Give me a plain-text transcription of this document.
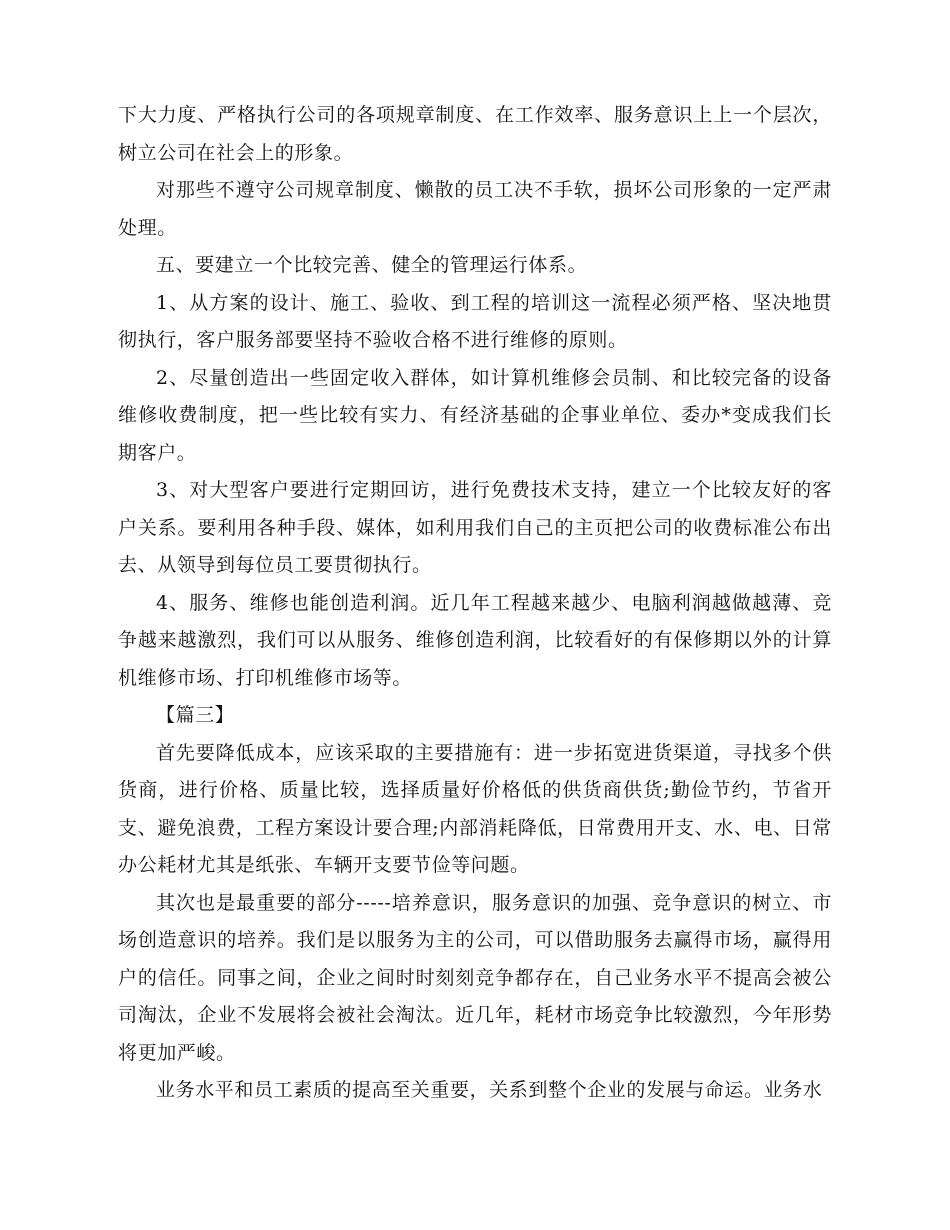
下大力度、严格执行公司的各项规章制度、在工作效率、服务意识上上一个层次，树立公司在社会上的形象。

对那些不遵守公司规章制度、懒散的员工决不手软，损坏公司形象的一定严肃处理。

五、要建立一个比较完善、健全的管理运行体系。

1、从方案的设计、施工、验收、到工程的培训这一流程必须严格、坚决地贯彻执行，客户服务部要坚持不验收合格不进行维修的原则。

2、尽量创造出一些固定收入群体，如计算机维修会员制、和比较完备的设备维修收费制度，把一些比较有实力、有经济基础的企事业单位、委办*变成我们长期客户。

3、对大型客户要进行定期回访，进行免费技术支持，建立一个比较友好的客户关系。要利用各种手段、媒体，如利用我们自己的主页把公司的收费标准公布出去、从领导到每位员工要贯彻执行。

4、服务、维修也能创造利润。近几年工程越来越少、电脑利润越做越薄、竞争越来越激烈，我们可以从服务、维修创造利润，比较看好的有保修期以外的计算机维修市场、打印机维修市场等。

【篇三】

首先要降低成本，应该采取的主要措施有：进一步拓宽进货渠道，寻找多个供货商，进行价格、质量比较，选择质量好价格低的供货商供货;勤俭节约，节省开支、避免浪费，工程方案设计要合理;内部消耗降低，日常费用开支、水、电、日常办公耗材尤其是纸张、车辆开支要节俭等问题。

其次也是最重要的部分-----培养意识，服务意识的加强、竞争意识的树立、市场创造意识的培养。我们是以服务为主的公司，可以借助服务去赢得市场，赢得用户的信任。同事之间，企业之间时时刻刻竞争都存在，自己业务水平不提高会被公司淘汰，企业不发展将会被社会淘汰。近几年，耗材市场竞争比较激烈，今年形势将更加严峻。

业务水平和员工素质的提高至关重要，关系到整个企业的发展与命运。业务水
